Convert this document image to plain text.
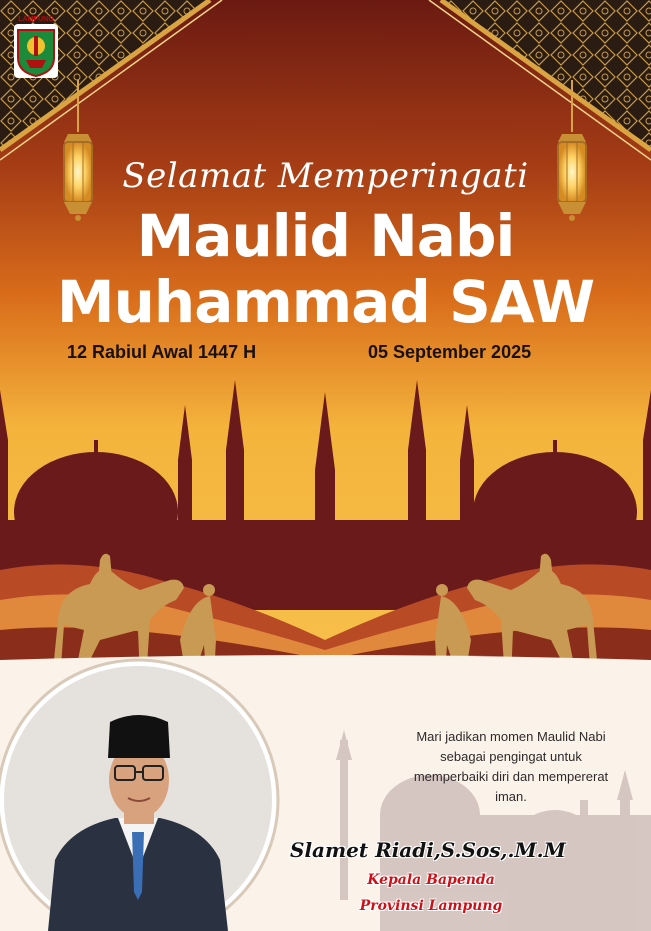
LAMPUNG
Selamat Memperingati
Maulid Nabi
Muhammad SAW
12 Rabiul Awal 1447 H	05 September 2025
Mari jadikan momen Maulid Nabi
sebagai pengingat untuk
memperbaiki diri dan mempererat
iman.
Slamet Riadi,S.Sos,.M.M
Kepala Bapenda
Provinsi Lampung
